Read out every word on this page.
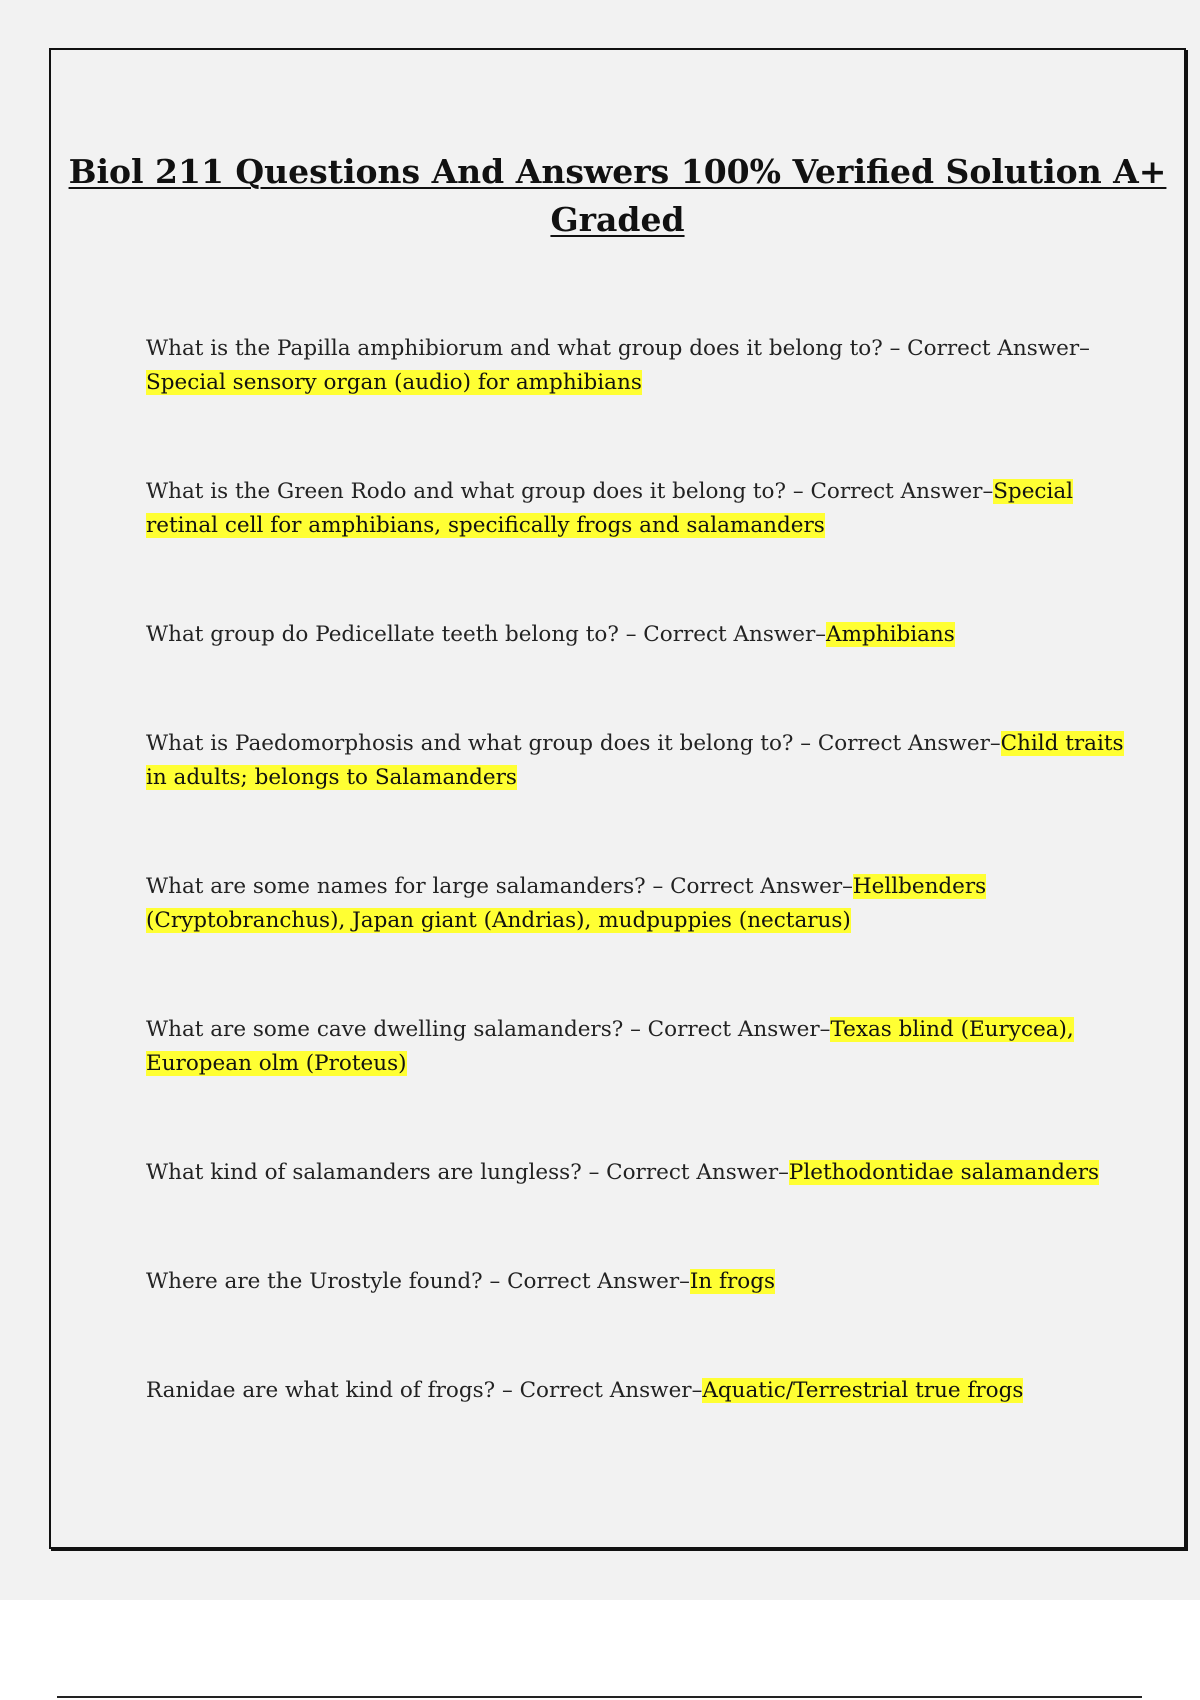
Biol 211 Questions And Answers 100% Verified Solution A+ Graded

What is the Papilla amphibiorum and what group does it belong to? – Correct Answer–Special sensory organ (audio) for amphibians

What is the Green Rodo and what group does it belong to? – Correct Answer–Special retinal cell for amphibians, specifically frogs and salamanders

What group do Pedicellate teeth belong to? – Correct Answer–Amphibians

What is Paedomorphosis and what group does it belong to? – Correct Answer–Child traits in adults; belongs to Salamanders

What are some names for large salamanders? – Correct Answer–Hellbenders (Cryptobranchus), Japan giant (Andrias), mudpuppies (nectarus)

What are some cave dwelling salamanders? – Correct Answer–Texas blind (Eurycea), European olm (Proteus)

What kind of salamanders are lungless? – Correct Answer–Plethodontidae salamanders

Where are the Urostyle found? – Correct Answer–In frogs

Ranidae are what kind of frogs? – Correct Answer–Aquatic/Terrestrial true frogs
